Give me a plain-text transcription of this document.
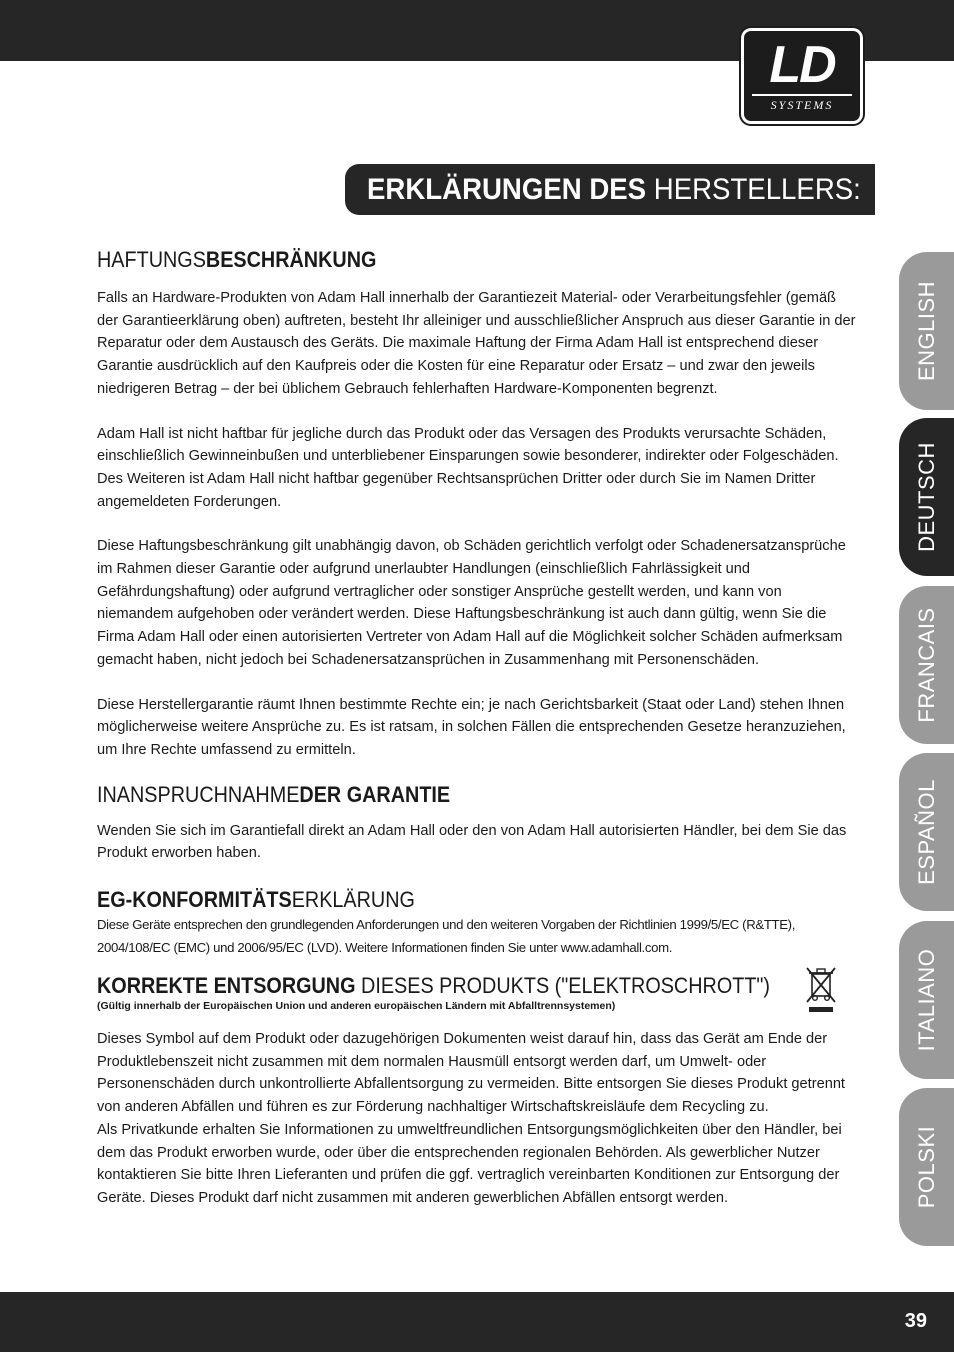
LD
SYSTEMS
ERKLÄRUNGEN DES HERSTELLERS:
ENGLISH
DEUTSCH
FRANCAIS
ESPAÑOL
ITALIANO
POLSKI
HAFTUNGSBESCHRÄNKUNG

Falls an Hardware-Produkten von Adam Hall innerhalb der Garantiezeit Material- oder Verarbeitungsfehler (gemäß der Garantieerklärung oben) auftreten, besteht Ihr alleiniger und ausschließlicher Anspruch aus dieser Garantie in der Reparatur oder dem Austausch des Geräts. Die maximale Haftung der Firma Adam Hall ist entsprechend dieser Garantie ausdrücklich auf den Kaufpreis oder die Kosten für eine Reparatur oder Ersatz – und zwar den jeweils niedrigeren Betrag – der bei üblichem Gebrauch fehlerhaften Hardware-Komponenten begrenzt.

Adam Hall ist nicht haftbar für jegliche durch das Produkt oder das Versagen des Produkts verursachte Schäden, einschließlich Gewinneinbußen und unterbliebener Einsparungen sowie besonderer, indirekter oder Folgeschäden. Des Weiteren ist Adam Hall nicht haftbar gegenüber Rechtsansprüchen Dritter oder durch Sie im Namen Dritter angemeldeten Forderungen.

Diese Haftungsbeschränkung gilt unabhängig davon, ob Schäden gerichtlich verfolgt oder Schadenersatzansprüche im Rahmen dieser Garantie oder aufgrund unerlaubter Handlungen (einschließlich Fahrlässigkeit und Gefährdungshaftung) oder aufgrund vertraglicher oder sonstiger Ansprüche gestellt werden, und kann von niemandem aufgehoben oder verändert werden. Diese Haftungsbeschränkung ist auch dann gültig, wenn Sie die Firma Adam Hall oder einen autorisierten Vertreter von Adam Hall auf die Möglichkeit solcher Schäden aufmerksam gemacht haben, nicht jedoch bei Schadenersatzansprüchen in Zusammenhang mit Personenschäden.

Diese Herstellergarantie räumt Ihnen bestimmte Rechte ein; je nach Gerichtsbarkeit (Staat oder Land) stehen Ihnen möglicherweise weitere Ansprüche zu. Es ist ratsam, in solchen Fällen die entsprechenden Gesetze heranzuziehen, um Ihre Rechte umfassend zu ermitteln.

INANSPRUCHNAHMEDER GARANTIE

Wenden Sie sich im Garantiefall direkt an Adam Hall oder den von Adam Hall autorisierten Händler, bei dem Sie das Produkt erworben haben.

EG-KONFORMITÄTSERKLÄRUNG

Diese Geräte entsprechen den grundlegenden Anforderungen und den weiteren Vorgaben der Richtlinien 1999/5/EC (R&TTE), 2004/108/EC (EMC) und 2006/95/EC (LVD). Weitere Informationen finden Sie unter www.adamhall.com.

KORREKTE ENTSORGUNG DIESES PRODUKTS ("ELEKTROSCHROTT")

(Gültig innerhalb der Europäischen Union und anderen europäischen Ländern mit Abfalltrennsystemen)

Dieses Symbol auf dem Produkt oder dazugehörigen Dokumenten weist darauf hin, dass das Gerät am Ende der Produktlebenszeit nicht zusammen mit dem normalen Hausmüll entsorgt werden darf, um Umwelt- oder Personenschäden durch unkontrollierte Abfallentsorgung zu vermeiden. Bitte entsorgen Sie dieses Produkt getrennt von anderen Abfällen und führen es zur Förderung nachhaltiger Wirtschaftskreisläufe dem Recycling zu.

Als Privatkunde erhalten Sie Informationen zu umweltfreundlichen Entsorgungsmöglichkeiten über den Händler, bei dem das Produkt erworben wurde, oder über die entsprechenden regionalen Behörden. Als gewerblicher Nutzer kontaktieren Sie bitte Ihren Lieferanten und prüfen die ggf. vertraglich vereinbarten Konditionen zur Entsorgung der Geräte. Dieses Produkt darf nicht zusammen mit anderen gewerblichen Abfällen entsorgt werden.

39
